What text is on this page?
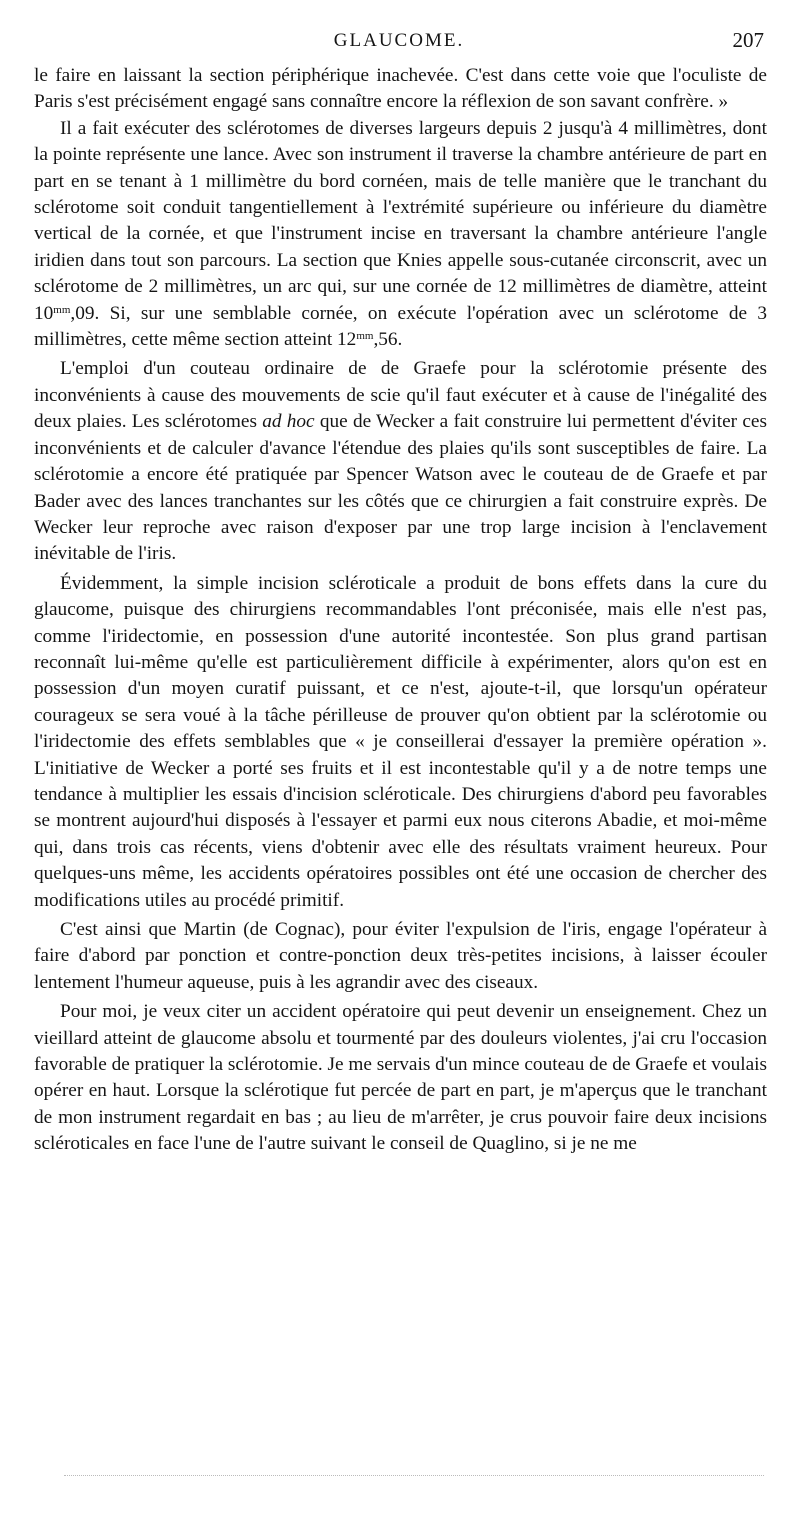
GLAUCOME.	207

le faire en laissant la section périphérique inachevée. C'est dans cette voie que l'oculiste de Paris s'est précisément engagé sans connaître encore la réflexion de son savant confrère. »

Il a fait exécuter des sclérotomes de diverses largeurs depuis 2 jusqu'à 4 millimètres, dont la pointe représente une lance. Avec son instrument il traverse la chambre antérieure de part en part en se tenant à 1 millimètre du bord cornéen, mais de telle manière que le tranchant du sclérotome soit conduit tangentiellement à l'extrémité supérieure ou inférieure du diamètre vertical de la cornée, et que l'instrument incise en traversant la chambre antérieure l'angle iridien dans tout son parcours. La section que Knies appelle sous-cutanée circonscrit, avec un sclérotome de 2 millimètres, un arc qui, sur une cornée de 12 millimètres de diamètre, atteint $10^{mm},09$. Si, sur une semblable cornée, on exécute l'opération avec un sclérotome de 3 millimètres, cette même section atteint $12^{mm},56$.

L'emploi d'un couteau ordinaire de de Graefe pour la sclérotomie présente des inconvénients à cause des mouvements de scie qu'il faut exécuter et à cause de l'inégalité des deux plaies. Les sclérotomes ad hoc que de Wecker a fait construire lui permettent d'éviter ces inconvénients et de calculer d'avance l'étendue des plaies qu'ils sont susceptibles de faire. La sclérotomie a encore été pratiquée par Spencer Watson avec le couteau de de Graefe et par Bader avec des lances tranchantes sur les côtés que ce chirurgien a fait construire exprès. De Wecker leur reproche avec raison d'exposer par une trop large incision à l'enclavement inévitable de l'iris.

Évidemment, la simple incision scléroticale a produit de bons effets dans la cure du glaucome, puisque des chirurgiens recommandables l'ont préconisée, mais elle n'est pas, comme l'iridectomie, en possession d'une autorité incontestée. Son plus grand partisan reconnaît lui-même qu'elle est particulièrement difficile à expérimenter, alors qu'on est en possession d'un moyen curatif puissant, et ce n'est, ajoute-t-il, que lorsqu'un opérateur courageux se sera voué à la tâche périlleuse de prouver qu'on obtient par la sclérotomie ou l'iridectomie des effets semblables que « je conseillerai d'essayer la première opération ». L'initiative de Wecker a porté ses fruits et il est incontestable qu'il y a de notre temps une tendance à multiplier les essais d'incision scléroticale. Des chirurgiens d'abord peu favorables se montrent aujourd'hui disposés à l'essayer et parmi eux nous citerons Abadie, et moi-même qui, dans trois cas récents, viens d'obtenir avec elle des résultats vraiment heureux. Pour quelques-uns même, les accidents opératoires possibles ont été une occasion de chercher des modifications utiles au procédé primitif.

C'est ainsi que Martin (de Cognac), pour éviter l'expulsion de l'iris, engage l'opérateur à faire d'abord par ponction et contre-ponction deux très-petites incisions, à laisser écouler lentement l'humeur aqueuse, puis à les agrandir avec des ciseaux.

Pour moi, je veux citer un accident opératoire qui peut devenir un enseignement. Chez un vieillard atteint de glaucome absolu et tourmenté par des douleurs violentes, j'ai cru l'occasion favorable de pratiquer la sclérotomie. Je me servais d'un mince couteau de de Graefe et voulais opérer en haut. Lorsque la sclérotique fut percée de part en part, je m'aperçus que le tranchant de mon instrument regardait en bas ; au lieu de m'arrêter, je crus pouvoir faire deux incisions scléroticales en face l'une de l'autre suivant le conseil de Quaglino, si je ne me
